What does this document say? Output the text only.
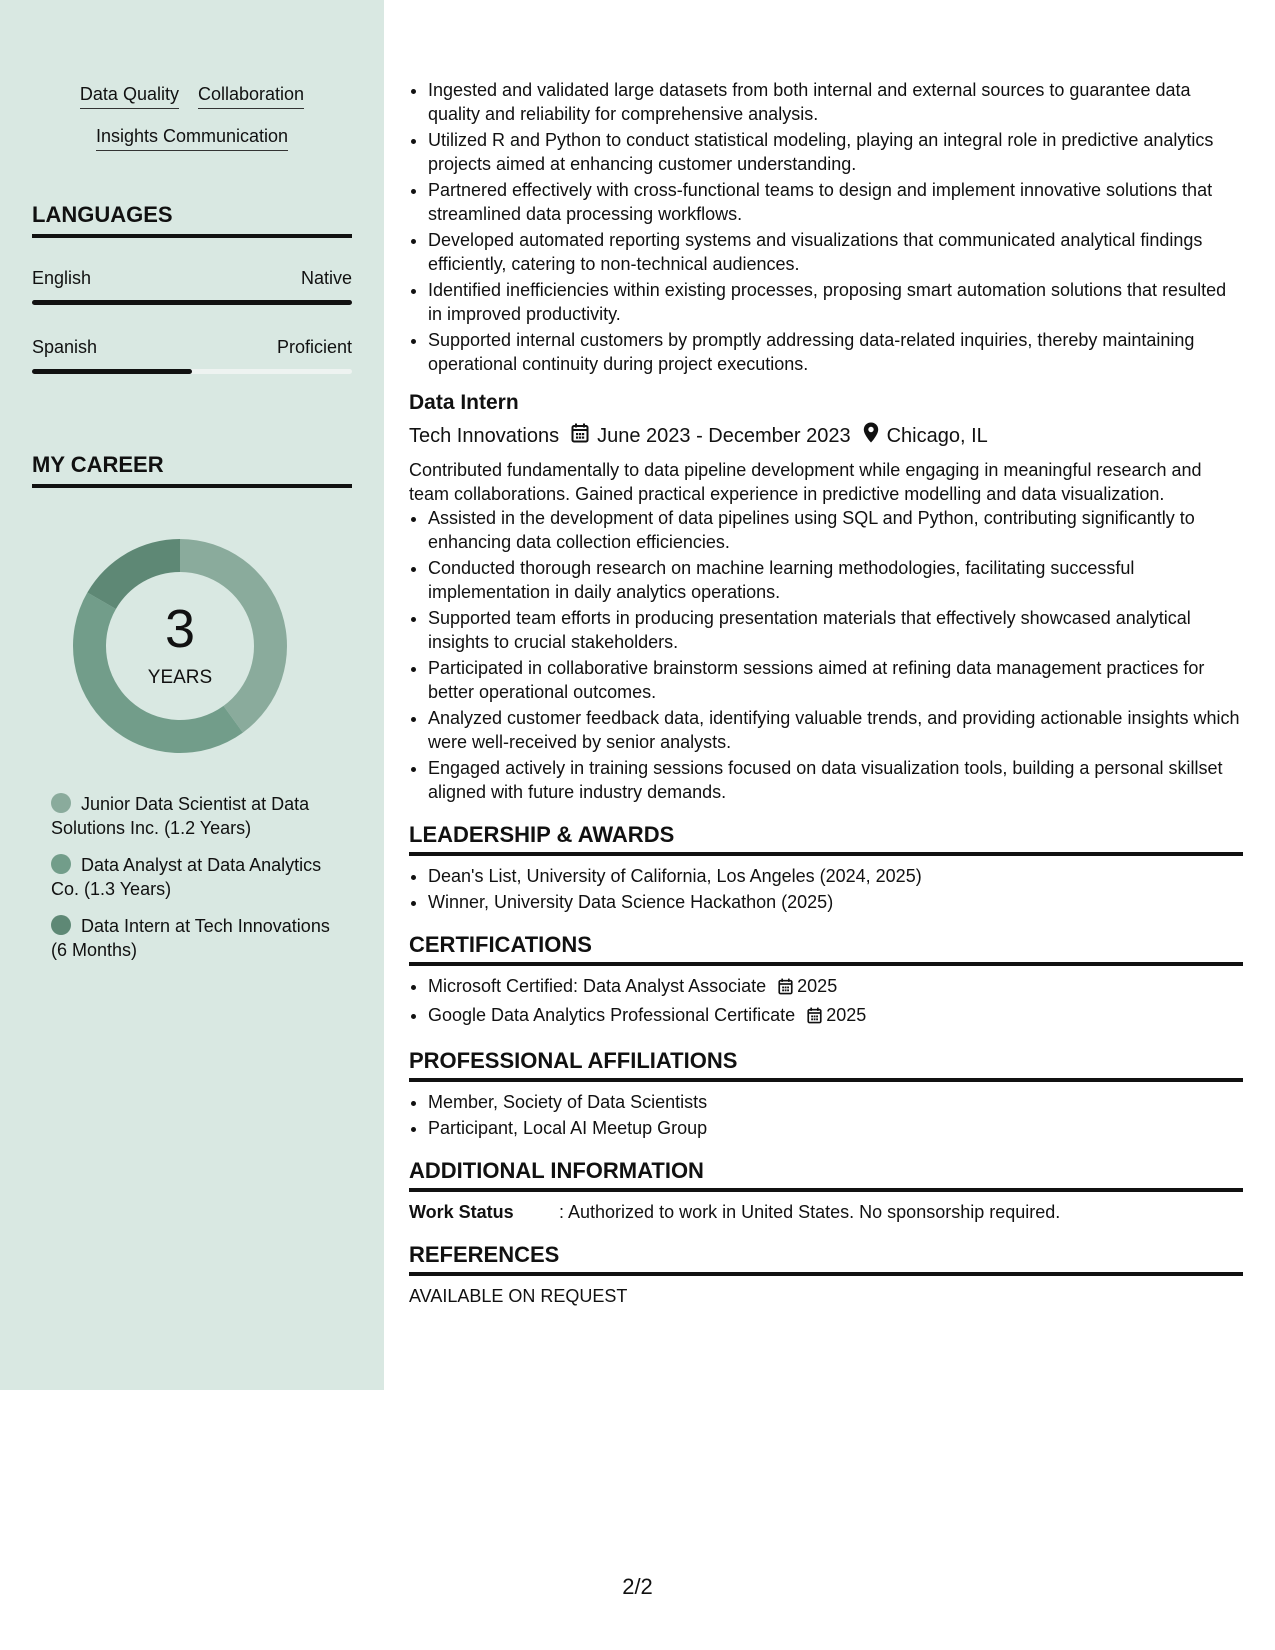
Data Quality Collaboration
Insights Communication
LANGUAGES
English	Native
Spanish	Proficient
MY CAREER
3
YEARS
Junior Data Scientist at Data Solutions Inc. (1.2 Years)
Data Analyst at Data Analytics Co. (1.3 Years)
Data Intern at Tech Innovations (6 Months)
• Ingested and validated large datasets from both internal and external sources to guarantee data quality and reliability for comprehensive analysis.
• Utilized R and Python to conduct statistical modeling, playing an integral role in predictive analytics projects aimed at enhancing customer understanding.
• Partnered effectively with cross-functional teams to design and implement innovative solutions that streamlined data processing workflows.
• Developed automated reporting systems and visualizations that communicated analytical findings efficiently, catering to non-technical audiences.
• Identified inefficiencies within existing processes, proposing smart automation solutions that resulted in improved productivity.
• Supported internal customers by promptly addressing data-related inquiries, thereby maintaining operational continuity during project executions.
Data Intern
Tech Innovations June 2023 - December 2023 Chicago, IL
Contributed fundamentally to data pipeline development while engaging in meaningful research and team collaborations. Gained practical experience in predictive modelling and data visualization.
• Assisted in the development of data pipelines using SQL and Python, contributing significantly to enhancing data collection efficiencies.
• Conducted thorough research on machine learning methodologies, facilitating successful implementation in daily analytics operations.
• Supported team efforts in producing presentation materials that effectively showcased analytical insights to crucial stakeholders.
• Participated in collaborative brainstorm sessions aimed at refining data management practices for better operational outcomes.
• Analyzed customer feedback data, identifying valuable trends, and providing actionable insights which were well-received by senior analysts.
• Engaged actively in training sessions focused on data visualization tools, building a personal skillset aligned with future industry demands.
LEADERSHIP & AWARDS
• Dean's List, University of California, Los Angeles (2024, 2025)
• Winner, University Data Science Hackathon (2025)
CERTIFICATIONS
• Microsoft Certified: Data Analyst Associate 2025
• Google Data Analytics Professional Certificate 2025
PROFESSIONAL AFFILIATIONS
• Member, Society of Data Scientists
• Participant, Local AI Meetup Group
ADDITIONAL INFORMATION
Work Status	: Authorized to work in United States. No sponsorship required.
REFERENCES
AVAILABLE ON REQUEST
2/2
